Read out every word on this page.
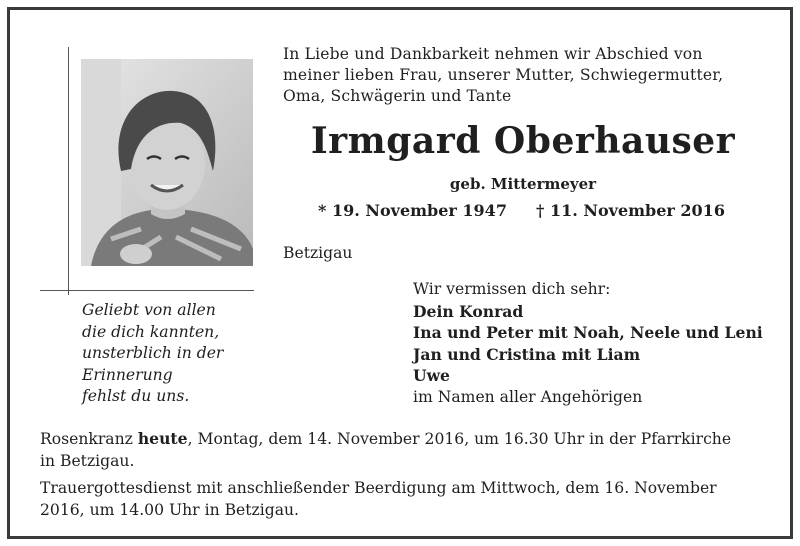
In Liebe und Dankbarkeit nehmen wir Abschied von
meiner lieben Frau, unserer Mutter, Schwiegermutter,
Oma, Schwägerin und Tante
Irmgard Oberhauser
geb. Mittermeyer
* 19. November 1947 † 11. November 2016
Betzigau
Geliebt von allen
die dich kannten,
unsterblich in der
Erinnerung
fehlst du uns.
Wir vermissen dich sehr:
Dein Konrad
Ina und Peter mit Noah, Neele und Leni
Jan und Cristina mit Liam
Uwe
im Namen aller Angehörigen
Rosenkranz heute, Montag, dem 14. November 2016, um 16.30 Uhr in der Pfarrkirche
in Betzigau.
Trauergottesdienst mit anschließender Beerdigung am Mittwoch, dem 16. November
2016, um 14.00 Uhr in Betzigau.
